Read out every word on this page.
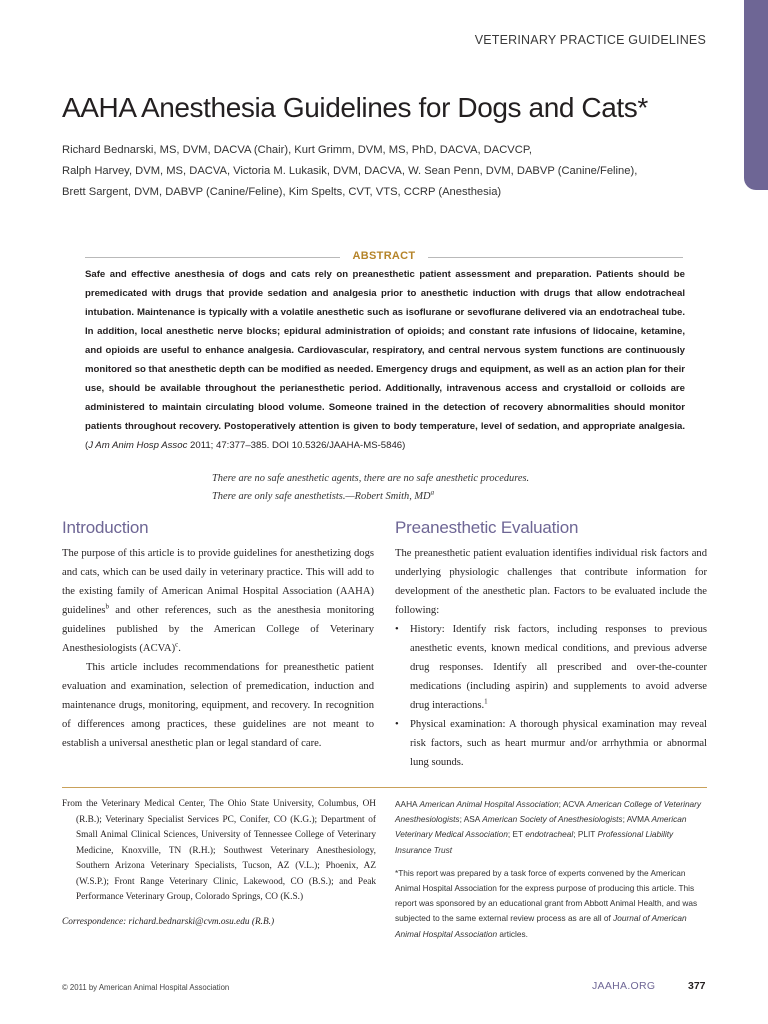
VETERINARY PRACTICE GUIDELINES
AAHA Anesthesia Guidelines for Dogs and Cats*
Richard Bednarski, MS, DVM, DACVA (Chair), Kurt Grimm, DVM, MS, PhD, DACVA, DACVCP,
Ralph Harvey, DVM, MS, DACVA, Victoria M. Lukasik, DVM, DACVA, W. Sean Penn, DVM, DABVP (Canine/Feline),
Brett Sargent, DVM, DABVP (Canine/Feline), Kim Spelts, CVT, VTS, CCRP (Anesthesia)
ABSTRACT
Safe and effective anesthesia of dogs and cats rely on preanesthetic patient assessment and preparation. Patients should be premedicated with drugs that provide sedation and analgesia prior to anesthetic induction with drugs that allow endotracheal intubation. Maintenance is typically with a volatile anesthetic such as isoflurane or sevoflurane delivered via an endotracheal tube. In addition, local anesthetic nerve blocks; epidural administration of opioids; and constant rate infusions of lidocaine, ketamine, and opioids are useful to enhance analgesia. Cardiovascular, respiratory, and central nervous system functions are continuously monitored so that anesthetic depth can be modified as needed. Emergency drugs and equipment, as well as an action plan for their use, should be available throughout the perianesthetic period. Additionally, intravenous access and crystalloid or colloids are administered to maintain circulating blood volume. Someone trained in the detection of recovery abnormalities should monitor patients throughout recovery. Postoperatively attention is given to body temperature, level of sedation, and appropriate analgesia. (J Am Anim Hosp Assoc 2011; 47:377–385. DOI 10.5326/JAAHA-MS-5846)
There are no safe anesthetic agents, there are no safe anesthetic procedures.
There are only safe anesthetists.—Robert Smith, $MD^a$
Introduction

The purpose of this article is to provide guidelines for anesthetizing dogs and cats, which can be used daily in veterinary practice. This will add to the existing family of American Animal Hospital Association (AAHA) guidelines$^b$ and other references, such as the anesthesia monitoring guidelines published by the American College of Veterinary Anesthesiologists (ACVA)$^c$.

This article includes recommendations for preanesthetic patient evaluation and examination, selection of premedication, induction and maintenance drugs, monitoring, equipment, and recovery. In recognition of differences among practices, these guidelines are not meant to establish a universal anesthetic plan or legal standard of care.

Preanesthetic Evaluation

The preanesthetic patient evaluation identifies individual risk factors and underlying physiologic challenges that contribute information for development of the anesthetic plan. Factors to be evaluated include the following:

• History: Identify risk factors, including responses to previous anesthetic events, known medical conditions, and previous adverse drug responses. Identify all prescribed and over-the-counter medications (including aspirin) and supplements to avoid adverse drug interactions.$^1$
• Physical examination: A thorough physical examination may reveal risk factors, such as heart murmur and/or arrhythmia or abnormal lung sounds.
From the Veterinary Medical Center, The Ohio State University, Columbus, OH (R.B.); Veterinary Specialist Services PC, Conifer, CO (K.G.); Department of Small Animal Clinical Sciences, University of Tennessee College of Veterinary Medicine, Knoxville, TN (R.H.); Southwest Veterinary Anesthesiology, Southern Arizona Veterinary Specialists, Tucson, AZ (V.L.); Phoenix, AZ (W.S.P.); Front Range Veterinary Clinic, Lakewood, CO (B.S.); and Peak Performance Veterinary Group, Colorado Springs, CO (K.S.)
Correspondence: richard.bednarski@cvm.osu.edu (R.B.)
AAHA American Animal Hospital Association; ACVA American College of Veterinary Anesthesiologists; ASA American Society of Anesthesiologists; AVMA American Veterinary Medical Association; ET endotracheal; PLIT Professional Liability Insurance Trust
*This report was prepared by a task force of experts convened by the American Animal Hospital Association for the express purpose of producing this article. This report was sponsored by an educational grant from Abbott Animal Health, and was subjected to the same external review process as are all of Journal of American Animal Hospital Association articles.
© 2011 by American Animal Hospital Association	JAAHA.ORG	377
